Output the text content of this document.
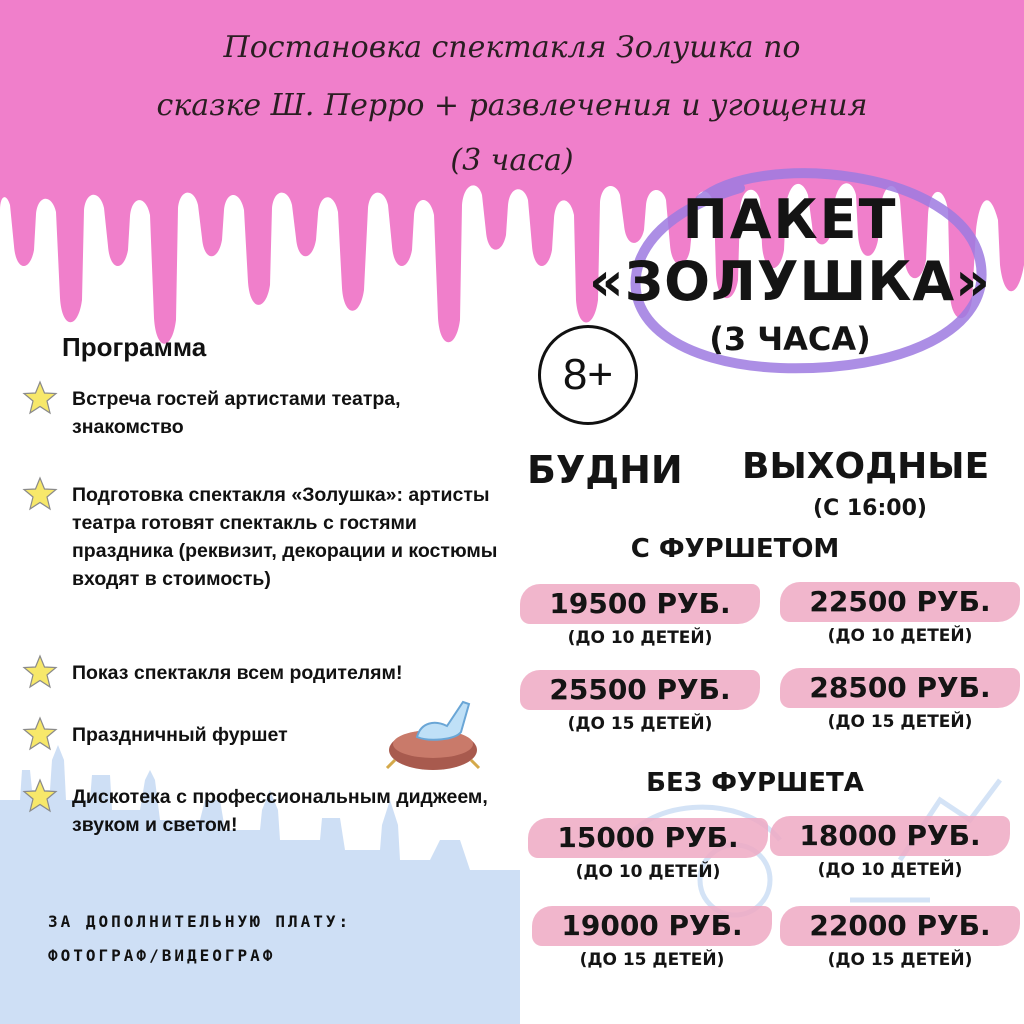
Постановка спектакля Золушка по
сказке Ш. Перро + развлечения и угощения
(3 часа)
ПАКЕТ
«ЗОЛУШКА»
(3 ЧАСА)
8+
Программа
Встреча гостей артистами театра, знакомство
Подготовка спектакля «Золушка»: артисты театра готовят спектакль с гостями праздника (реквизит, декорации и костюмы входят в стоимость)
Показ спектакля всем родителям!
Праздничный фуршет
Дискотека с профессиональным диджеем, звуком и светом!
ЗА ДОПОЛНИТЕЛЬНУЮ ПЛАТУ:
ФОТОГРАФ/ВИДЕОГРАФ
БУДНИ ВЫХОДНЫЕ
(С 16:00)
С ФУРШЕТОМ
19500 РУБ.
(ДО 10 ДЕТЕЙ)
22500 РУБ.
(ДО 10 ДЕТЕЙ)
25500 РУБ.
(ДО 15 ДЕТЕЙ)
28500 РУБ.
(ДО 15 ДЕТЕЙ)
БЕЗ ФУРШЕТА
15000 РУБ.
(ДО 10 ДЕТЕЙ)
18000 РУБ.
(ДО 10 ДЕТЕЙ)
19000 РУБ.
(ДО 15 ДЕТЕЙ)
22000 РУБ.
(ДО 15 ДЕТЕЙ)
